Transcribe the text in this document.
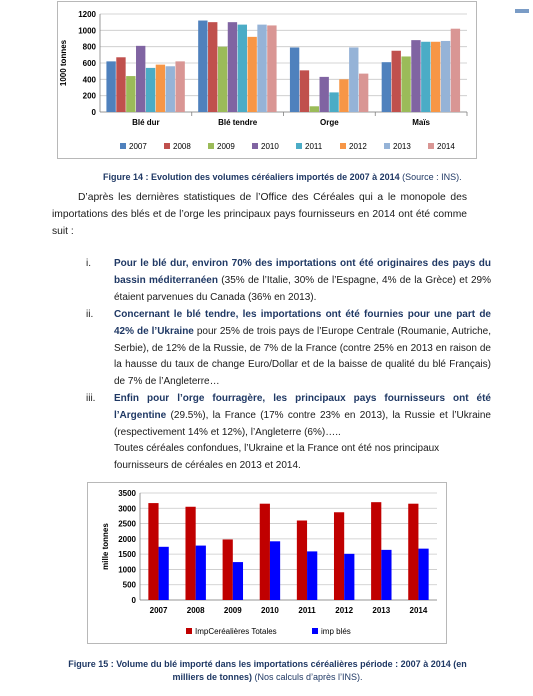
0
200
400
600
800
1000
1200
1000 tonnes
Blé dur	Blé tendre	Orge	Maïs
2007	2008	2009	2010	2011	2012	2013	2014
Figure 14 : Evolution des volumes céréaliers importés de 2007 à 2014 (Source : INS).
D’après les dernières statistiques de l’Office des Céréales qui a le monopole des importations des blés et de l’orge les principaux pays fournisseurs en 2014 ont été comme suit :
i.	Pour le blé dur, environ 70% des importations ont été originaires des pays du bassin méditerranéen (35% de l’Italie, 30% de l’Espagne, 4% de la Grèce) et 29% étaient parvenues du Canada (36% en 2013).
ii.	Concernant le blé tendre, les importations ont été fournies pour une part de 42% de l’Ukraine pour 25% de trois pays de l’Europe Centrale (Roumanie, Autriche, Serbie), de 12% de la Russie, de 7% de la France (contre 25% en 2013 en raison de la hausse du taux de change Euro/Dollar et de la baisse de qualité du blé Français) de 7% de l’Angleterre…
iii.	Enfin pour l’orge fourragère, les principaux pays fournisseurs ont été l’Argentine (29.5%), la France (17% contre 23% en 2013), la Russie et l’Ukraine (respectivement 14% et 12%), l’Angleterre (6%)…..
Toutes céréales confondues, l’Ukraine et la France ont été nos principaux fournisseurs de céréales en 2013 et 2014.
0
500
1000
1500
2000
2500
3000
3500
mille tonnes
2007 2008 2009 2010 2011 2012 2013 2014
ImpCeréalières Totales	imp blés
Figure 15 : Volume du blé importé dans les importations céréalières période : 2007 à 2014 (en
milliers de tonnes) (Nos calculs d’après l’INS).
